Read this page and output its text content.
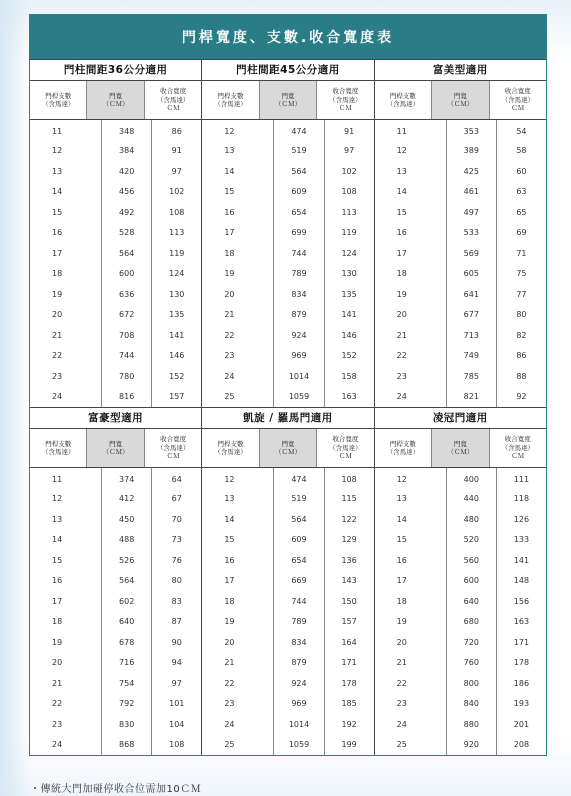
門桿寬度、支數.收合寬度表
門柱間距36公分適用
門桿支數
（含馬達）
門寬
（ＣＭ）
收合寬度
（含馬達）
ＣＭ
11	348	86
12	384	91
13	420	97
14	456	102
15	492	108
16	528	113
17	564	119
18	600	124
19	636	130
20	672	135
21	708	141
22	744	146
23	780	152
24	816	157
門柱間距45公分適用
門桿支數
（含馬達）
門寬
（ＣＭ）
收合寬度
（含馬達）
ＣＭ
12	474	91
13	519	97
14	564	102
15	609	108
16	654	113
17	699	119
18	744	124
19	789	130
20	834	135
21	879	141
22	924	146
23	969	152
24	1014	158
25	1059	163
富美型適用
門桿支數
（含馬達）
門寬
（ＣＭ）
收合寬度
（含馬達）
ＣＭ
11	353	54
12	389	58
13	425	60
14	461	63
15	497	65
16	533	69
17	569	71
18	605	75
19	641	77
20	677	80
21	713	82
22	749	86
23	785	88
24	821	92
富豪型適用
門桿支數
（含馬達）
門寬
（ＣＭ）
收合寬度
（含馬達）
ＣＭ
11	374	64
12	412	67
13	450	70
14	488	73
15	526	76
16	564	80
17	602	83
18	640	87
19	678	90
20	716	94
21	754	97
22	792	101
23	830	104
24	868	108
凱旋 / 羅馬門適用
門桿支數
（含馬達）
門寬
（ＣＭ）
收合寬度
（含馬達）
ＣＭ
12	474	108
13	519	115
14	564	122
15	609	129
16	654	136
17	669	143
18	744	150
19	789	157
20	834	164
21	879	171
22	924	178
23	969	185
24	1014	192
25	1059	199
凌冠門適用
門桿支數
（含馬達）
門寬
（ＣＭ）
收合寬度
（含馬達）
ＣＭ
12	400	111
13	440	118
14	480	126
15	520	133
16	560	141
17	600	148
18	640	156
19	680	163
20	720	171
21	760	178
22	800	186
23	840	193
24	880	201
25	920	208
・傳統大門加碰停收合位需加10ＣＭ
